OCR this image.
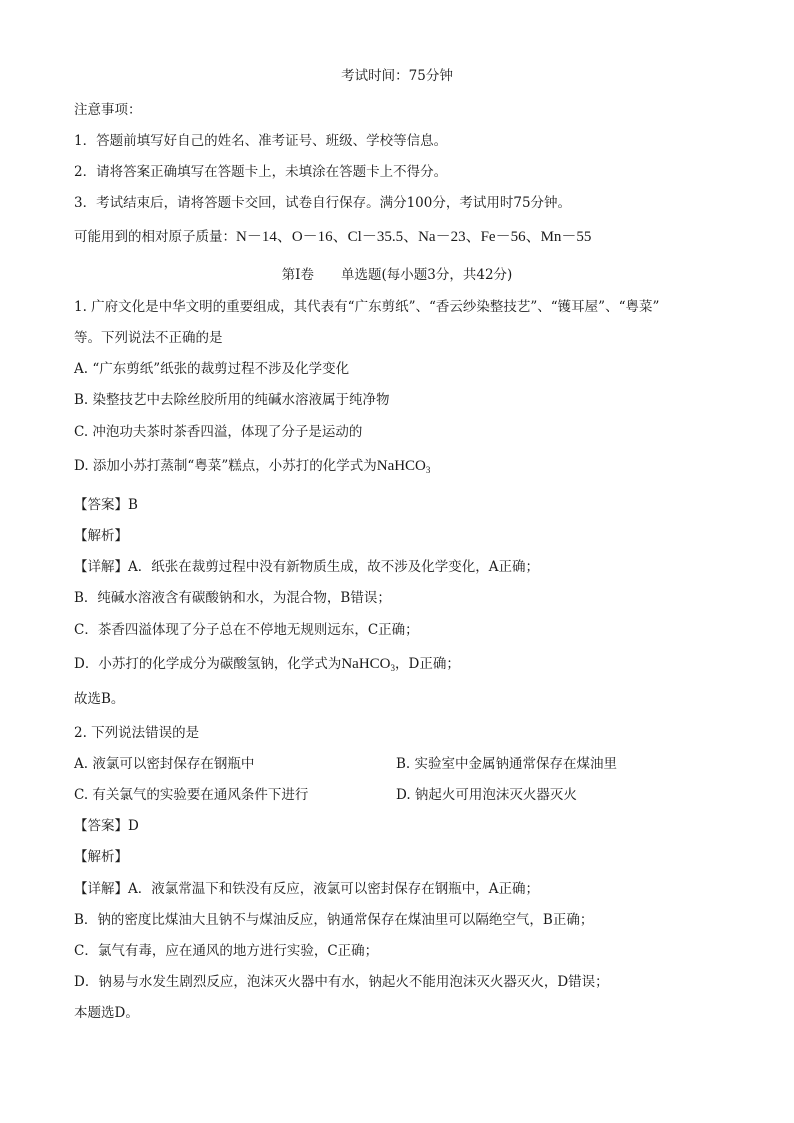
考试时间：75分钟
注意事项：
1．答题前填写好自己的姓名、准考证号、班级、学校等信息。
2．请将答案正确填写在答题卡上，未填涂在答题卡上不得分。
3．考试结束后，请将答题卡交回，试卷自行保存。满分100分，考试用时75分钟。
可能用到的相对原子质量：N－14、O－16、Cl－35.5、Na－23、Fe－56、Mn－55
第Ⅰ卷　　单选题(每小题3分，共42分)
1. 广府文化是中华文明的重要组成，其代表有“广东剪纸”、“香云纱染整技艺”、“镬耳屋”、“粤菜”
等。下列说法不正确的是
A. “广东剪纸”纸张的裁剪过程不涉及化学变化
B. 染整技艺中去除丝胶所用的纯碱水溶液属于纯净物
C. 冲泡功夫茶时茶香四溢，体现了分子是运动的
D. 添加小苏打蒸制“粤菜”糕点，小苏打的化学式为NaHCO$_3$
【答案】B
【解析】
【详解】A．纸张在裁剪过程中没有新物质生成，故不涉及化学变化，A正确；
B．纯碱水溶液含有碳酸钠和水，为混合物，B错误；
C．茶香四溢体现了分子总在不停地无规则远东，C正确；
D．小苏打的化学成分为碳酸氢钠，化学式为NaHCO$_3$，D正确；
故选B。
2. 下列说法错误的是
A. 液氯可以密封保存在钢瓶中	B. 实验室中金属钠通常保存在煤油里
C. 有关氯气的实验要在通风条件下进行	D. 钠起火可用泡沫灭火器灭火
【答案】D
【解析】
【详解】A．液氯常温下和铁没有反应，液氯可以密封保存在钢瓶中，A正确；
B．钠的密度比煤油大且钠不与煤油反应，钠通常保存在煤油里可以隔绝空气，B正确；
C．氯气有毒，应在通风的地方进行实验，C正确；
D．钠易与水发生剧烈反应，泡沫灭火器中有水，钠起火不能用泡沫灭火器灭火，D错误；
本题选D。
